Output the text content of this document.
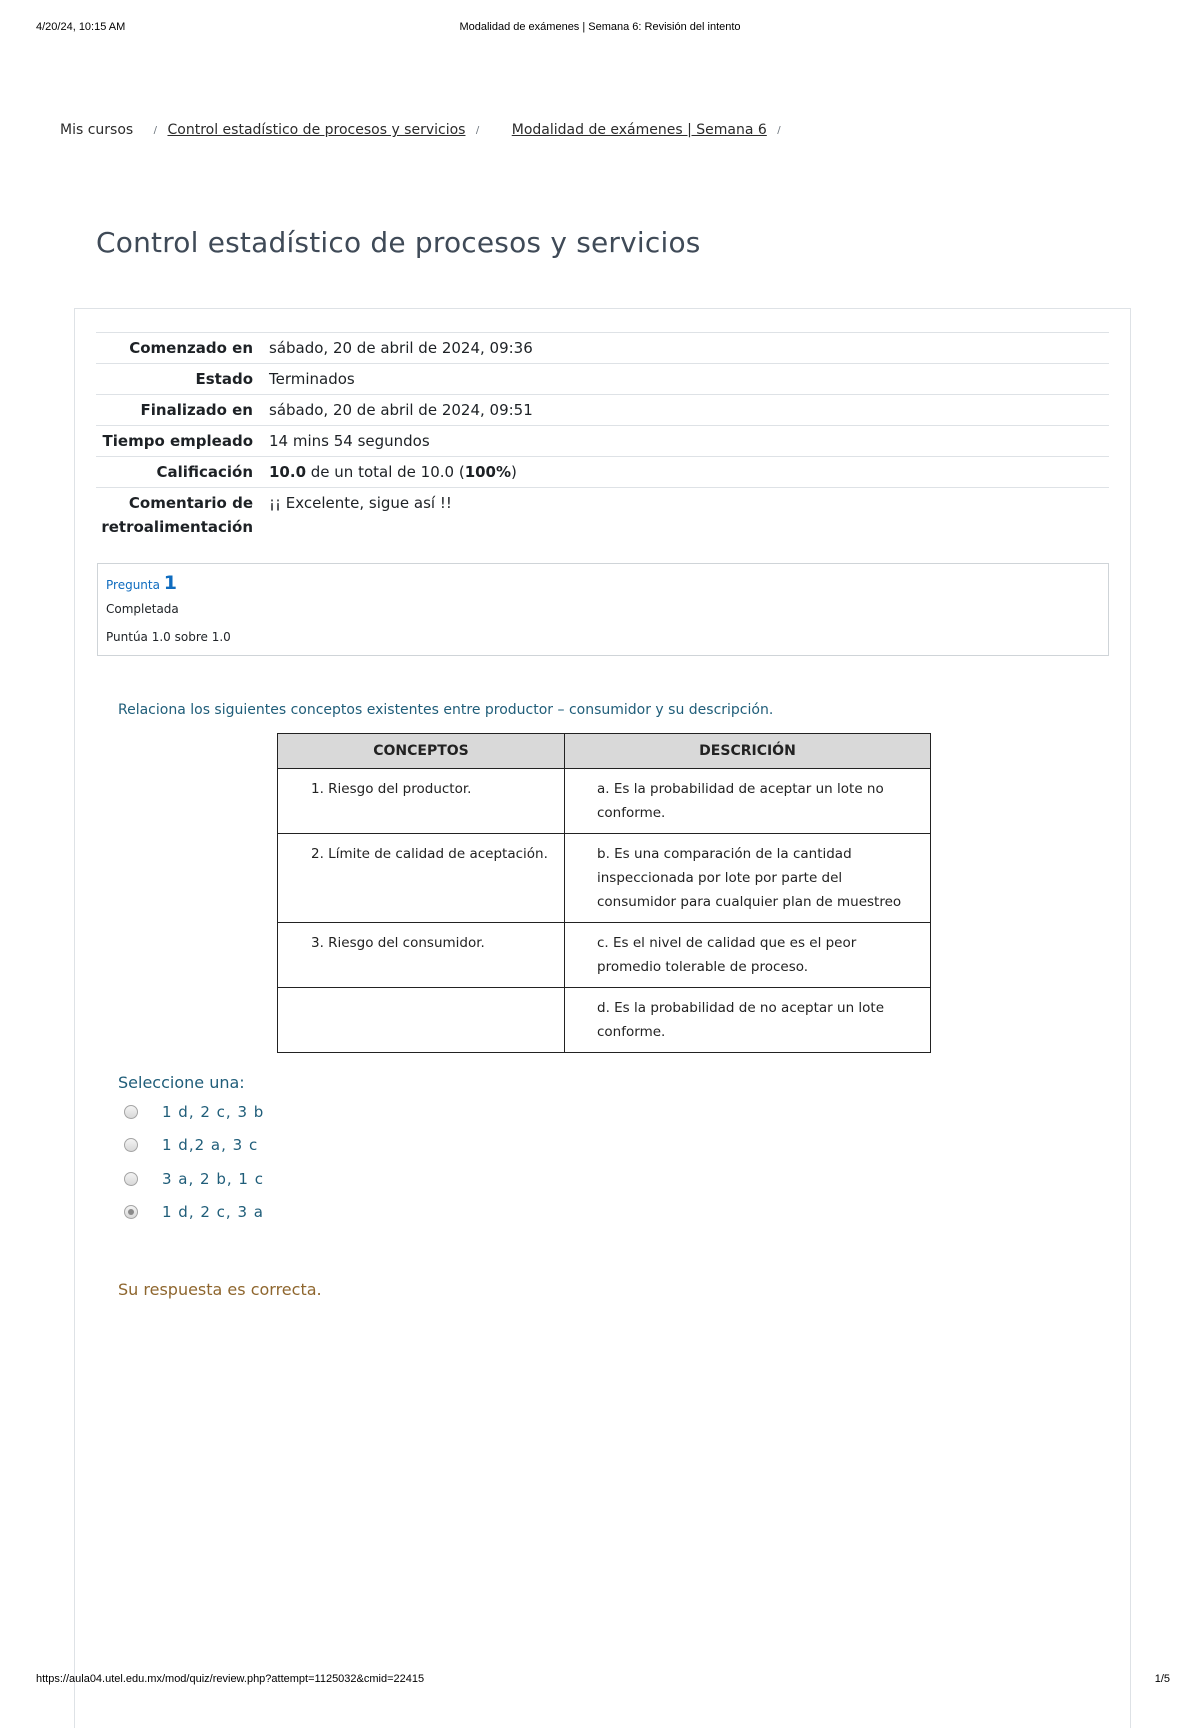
4/20/24, 10:15 AM	Modalidad de exámenes | Semana 6: Revisión del intento
Mis cursos / Control estadístico de procesos y servicios / Modalidad de exámenes | Semana 6 /
Control estadístico de procesos y servicios
Comenzado en	sábado, 20 de abril de 2024, 09:36
Estado	Terminados
Finalizado en	sábado, 20 de abril de 2024, 09:51
Tiempo empleado	14 mins 54 segundos
Calificación	10.0 de un total de 10.0 (100%)
Comentario de retroalimentación	¡¡ Excelente, sigue así !!
Pregunta 1
Completada
Puntúa 1.0 sobre 1.0
Relaciona los siguientes conceptos existentes entre productor – consumidor y su descripción.
CONCEPTOS	DESCRICIÓN
1. Riesgo del productor.	a. Es la probabilidad de aceptar un lote no conforme.
2. Límite de calidad de aceptación.	b. Es una comparación de la cantidad inspeccionada por lote por parte del consumidor para cualquier plan de muestreo
3. Riesgo del consumidor.	c. Es el nivel de calidad que es el peor promedio tolerable de proceso.
	d. Es la probabilidad de no aceptar un lote conforme.
Seleccione una:
1 d, 2 c, 3 b
1 d,2 a, 3 c
3 a, 2 b, 1 c
1 d, 2 c, 3 a
Su respuesta es correcta.
https://aula04.utel.edu.mx/mod/quiz/review.php?attempt=1125032&cmid=22415	1/5
